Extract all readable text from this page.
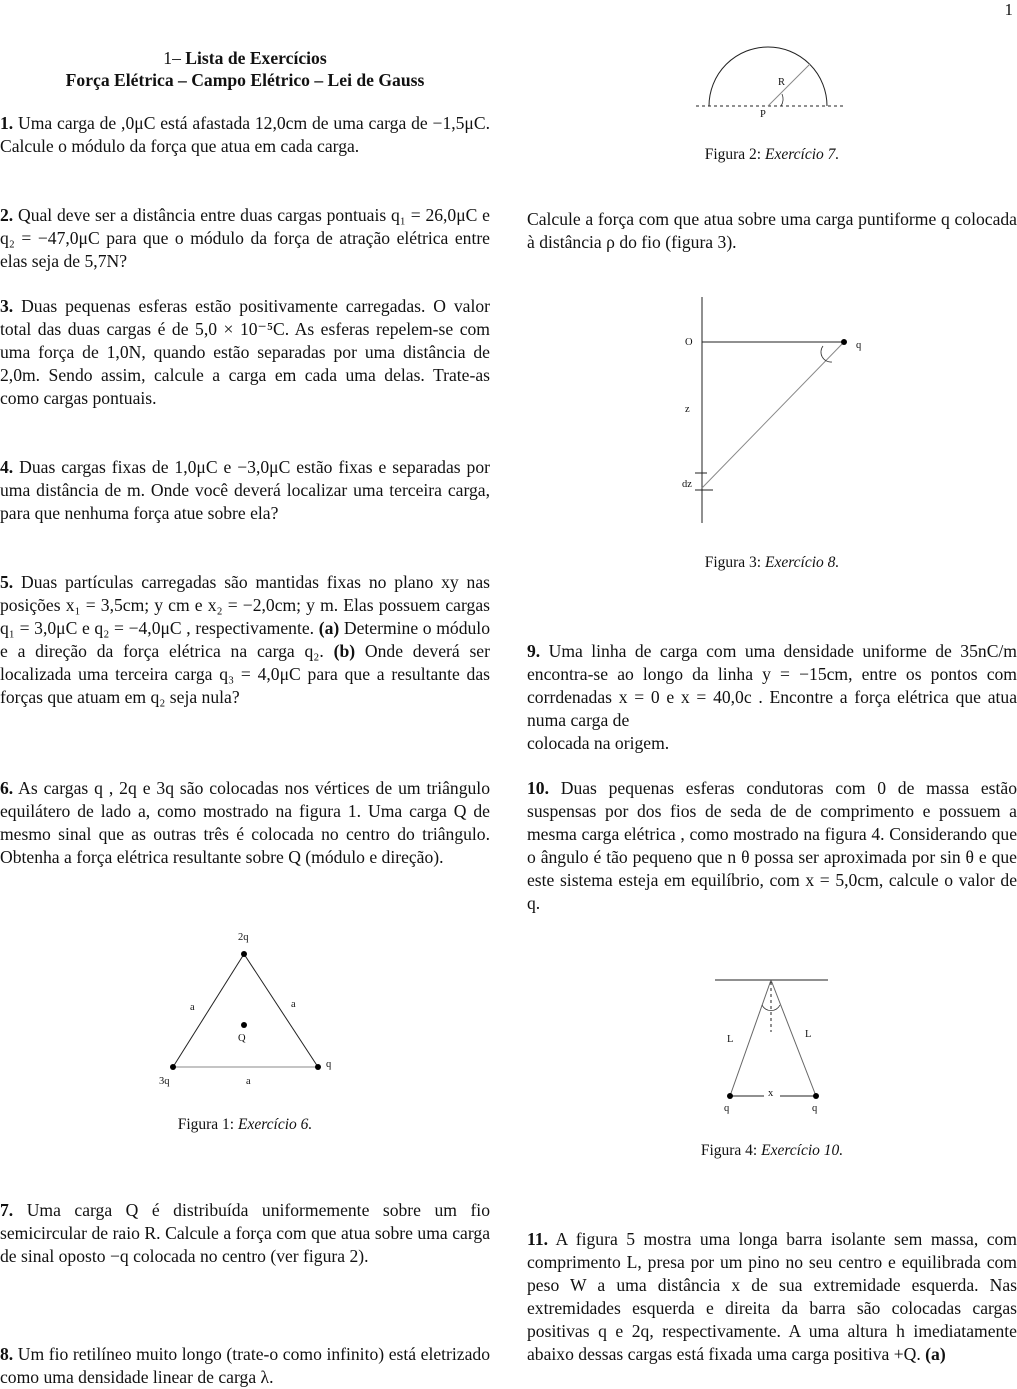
1
1– Lista de Exercícios
Força Elétrica – Campo Elétrico – Lei de Gauss

1. Uma carga de ,0μC está afastada 12,0cm de uma carga de −1,5μC. Calcule o módulo da força que atua em cada carga.

2. Qual deve ser a distância entre duas cargas pontuais q₁ = 26,0μC e q₂ = −47,0μC para que o módulo da força de atração elétrica entre elas seja de 5,7N?

3. Duas pequenas esferas estão positivamente carregadas. O valor total das duas cargas é de 5,0 × 10⁻⁵C. As esferas repelem-se com uma força de 1,0N, quando estão separadas por uma distância de 2,0m. Sendo assim, calcule a carga em cada uma delas. Trate-as como cargas pontuais.

4. Duas cargas fixas de 1,0μC e −3,0μC estão fixas e separadas por uma distância de m. Onde você deverá localizar uma terceira carga, para que nenhuma força atue sobre ela?

5. Duas partículas carregadas são mantidas fixas no plano xy nas posições x₁ = 3,5cm; y cm e x₂ = −2,0cm; y m. Elas possuem cargas q₁ = 3,0μC e q₂ = −4,0μC , respectivamente. (a) Determine o módulo e a direção da força elétrica na carga q₂. (b) Onde deverá ser localizada uma terceira carga q₃ = 4,0μC para que a resultante das forças que atuam em q₂ seja nula?

6. As cargas q , 2q e 3q são colocadas nos vértices de um triângulo equilátero de lado a, como mostrado na figura 1. Uma carga Q de mesmo sinal que as outras três é colocada no centro do triângulo. Obtenha a força elétrica resultante sobre Q (módulo e direção).

2q
3q
q
Q
a	a
a
Figura 1: Exercício 6.

7. Uma carga Q é distribuída uniformemente sobre um fio semicircular de raio R. Calcule a força com que atua sobre uma carga de sinal oposto −q colocada no centro (ver figura 2).

8. Um fio retilíneo muito longo (trate-o como infinito) está eletrizado como uma densidade linear de carga λ.

R
P
Figura 2: Exercício 7.

Calcule a força com que atua sobre uma carga puntiforme q colocada à distância ρ do fio (figura 3).

O	q
z
dz
Figura 3: Exercício 8.

9. Uma linha de carga com uma densidade uniforme de 35nC/m encontra-se ao longo da linha y = −15cm, entre os pontos com corrdenadas x = 0 e x = 40,0c . Encontre a força elétrica que atua numa carga de

colocada na origem.

10. Duas pequenas esferas condutoras com 0 de massa estão suspensas por dos fios de seda de de comprimento e possuem a mesma carga elétrica , como mostrado na figura 4. Considerando que o ângulo é tão pequeno que n θ possa ser aproximada por sin θ e que este sistema esteja em equilíbrio, com x = 5,0cm, calcule o valor de q.

L	L
x
q	q
Figura 4: Exercício 10.

11. A figura 5 mostra uma longa barra isolante sem massa, com comprimento L, presa por um pino no seu centro e equilibrada com peso W a uma distância x de sua extremidade esquerda. Nas extremidades esquerda e direita da barra são colocadas cargas positivas q e 2q, respectivamente. A uma altura h imediatamente abaixo dessas cargas está fixada uma carga positiva +Q. (a)
